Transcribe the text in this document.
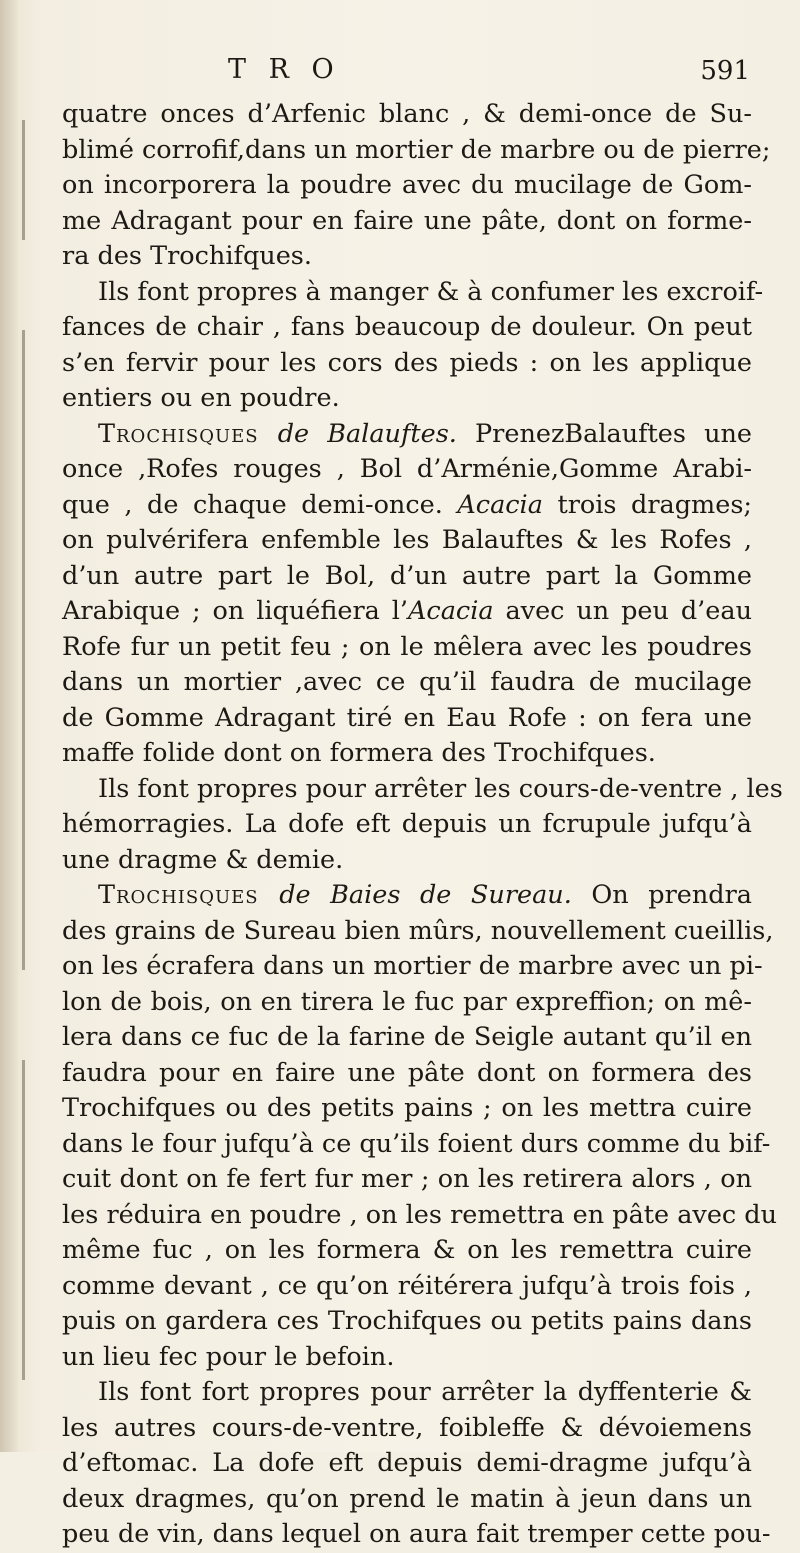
T R O	591
quatre onces d’Arfenic blanc , & demi-once de Su-
blimé corrofif,dans un mortier de marbre ou de pierre;
on incorporera la poudre avec du mucilage de Gom-
me Adragant pour en faire une pâte, dont on forme-
ra des Trochifques.
Ils font propres à manger & à confumer les excroif-
fances de chair , fans beaucoup de douleur. On peut
s’en fervir pour les cors des pieds : on les applique
entiers ou en poudre.
Trochisques de Balauftes. PrenezBalauftes une
once ,Rofes rouges , Bol d’Arménie,Gomme Arabi-
que , de chaque demi-once. Acacia trois dragmes;
on pulvérifera enfemble les Balauftes & les Rofes ,
d’un autre part le Bol, d’un autre part la Gomme
Arabique ; on liquéfiera l’Acacia avec un peu d’eau
Rofe fur un petit feu ; on le mêlera avec les poudres
dans un mortier ,avec ce qu’il faudra de mucilage
de Gomme Adragant tiré en Eau Rofe : on fera une
maffe folide dont on formera des Trochifques.
Ils font propres pour arrêter les cours-de-ventre , les
hémorragies. La dofe eft depuis un fcrupule jufqu’à
une dragme & demie.
Trochisques de Baies de Sureau. On prendra
des grains de Sureau bien mûrs, nouvellement cueillis,
on les écrafera dans un mortier de marbre avec un pi-
lon de bois, on en tirera le fuc par expreffion; on mê-
lera dans ce fuc de la farine de Seigle autant qu’il en
faudra pour en faire une pâte dont on formera des
Trochifques ou des petits pains ; on les mettra cuire
dans le four jufqu’à ce qu’ils foient durs comme du bif-
cuit dont on fe fert fur mer ; on les retirera alors , on
les réduira en poudre , on les remettra en pâte avec du
même fuc , on les formera & on les remettra cuire
comme devant , ce qu’on réitérera jufqu’à trois fois ,
puis on gardera ces Trochifques ou petits pains dans
un lieu fec pour le befoin.
Ils font fort propres pour arrêter la dyffenterie &
les autres cours-de-ventre, foibleffe & dévoiemens
d’eftomac. La dofe eft depuis demi-dragme jufqu’à
deux dragmes, qu’on prend le matin à jeun dans un
peu de vin, dans lequel on aura fait tremper cette pou-
